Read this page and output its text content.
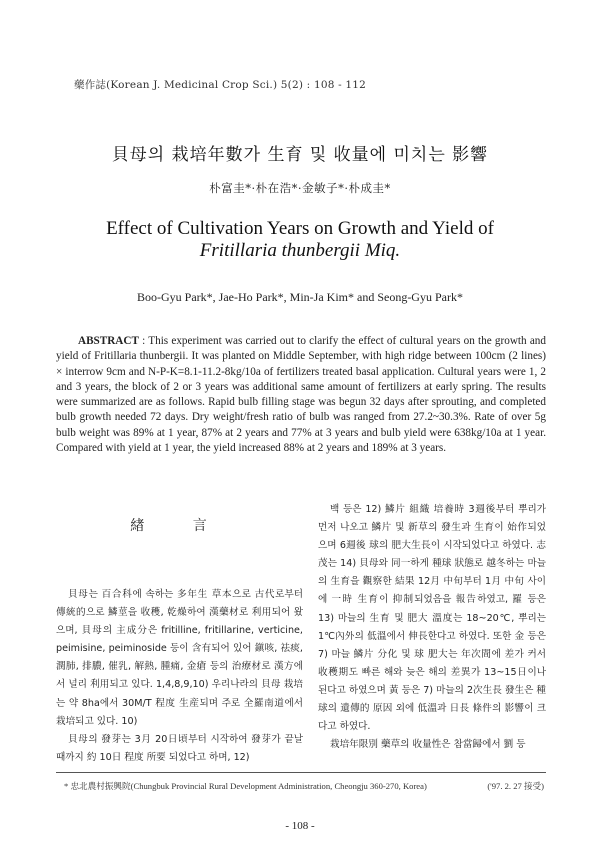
藥作誌(Korean J. Medicinal Crop Sci.) 5(2) : 108 - 112
貝母의 栽培年數가 生育 및 收量에 미치는 影響
朴富圭*·朴在浩*·金敏子*·朴成圭*
Effect of Cultivation Years on Growth and Yield of Fritillaria thunbergii Miq.
Boo-Gyu Park*, Jae-Ho Park*, Min-Ja Kim* and Seong-Gyu Park*
ABSTRACT : This experiment was carried out to clarify the effect of cultural years on the growth and yield of Fritillaria thunbergii. It was planted on Middle September, with high ridge between 100cm (2 lines) × interrow 9cm and N-P-K=8.1-11.2-8kg/10a of fertilizers treated basal application. Cultural years were 1, 2 and 3 years, the block of 2 or 3 years was additional same amount of fertilizers at early spring. The results were summarized are as follows. Rapid bulb filling stage was begun 32 days after sprouting, and completed bulb growth needed 72 days. Dry weight/fresh ratio of bulb was ranged from 27.2~30.3%. Rate of over 5g bulb weight was 89% at 1 year, 87% at 2 years and 77% at 3 years and bulb yield were 638kg/10a at 1 year. Compared with yield at 1 year, the yield increased 88% at 2 years and 189% at 3 years.
緖 言

貝母는 百合科에 속하는 多年生 草本으로 古代로부터 傳統的으로 鱗莖을 收穫, 乾燥하여 漢藥材로 利用되어 왔으며, 貝母의 主成分은 fritilline, fritillarine, verticine, peimisine, peiminoside 등이 含有되어 있어 鎭咳, 祛痰, 潤肺, 排膿, 催乳, 解熱, 腫痛, 金瘡 등의 治療材로 漢方에서 널리 利用되고 있다. 1,4,8,9,10) 우리나라의 貝母 栽培는 약 8ha에서 30M/T 程度 生産되며 주로 全羅南道에서 栽培되고 있다. 10)

貝母의 發芽는 3月 20日頃부터 시작하여 發芽가 끝날 때까지 約 10日 程度 所要 되었다고 하며, 12)

백 등은 12) 鱗片 組織 培養時 3週後부터 뿌리가 먼저 나오고 鱗片 및 新草의 發生과 生育이 始作되었으며 6週後 球의 肥大生長이 시작되었다고 하였다. 志茂는 14) 貝母와 同一하게 種球 狀態로 越冬하는 마늘의 生育을 觀察한 結果 12月 中旬부터 1月 中旬 사이에 一時 生育이 抑制되었음을 報告하였고, 羅 등은 13) 마늘의 生育 및 肥大 溫度는 18~20℃, 뿌리는 1℃內外의 低溫에서 伸長한다고 하였다. 또한 金 등은 7) 마늘 鱗片 分化 및 球 肥大는 年次間에 差가 커서 收穫期도 빠른 해와 늦은 해의 差異가 13~15日이나 된다고 하였으며 黃 등은 7) 마늘의 2次生長 發生은 種球의 遺傳的 原因 외에 低溫과 日長 條件의 影響이 크다고 하였다.

栽培年限別 藥草의 收量性은 참當歸에서 劉 등

* 忠北農村振興院(Chungbuk Provincial Rural Development Administration, Cheongju 360-270, Korea)	('97. 2. 27 接受)
- 108 -
